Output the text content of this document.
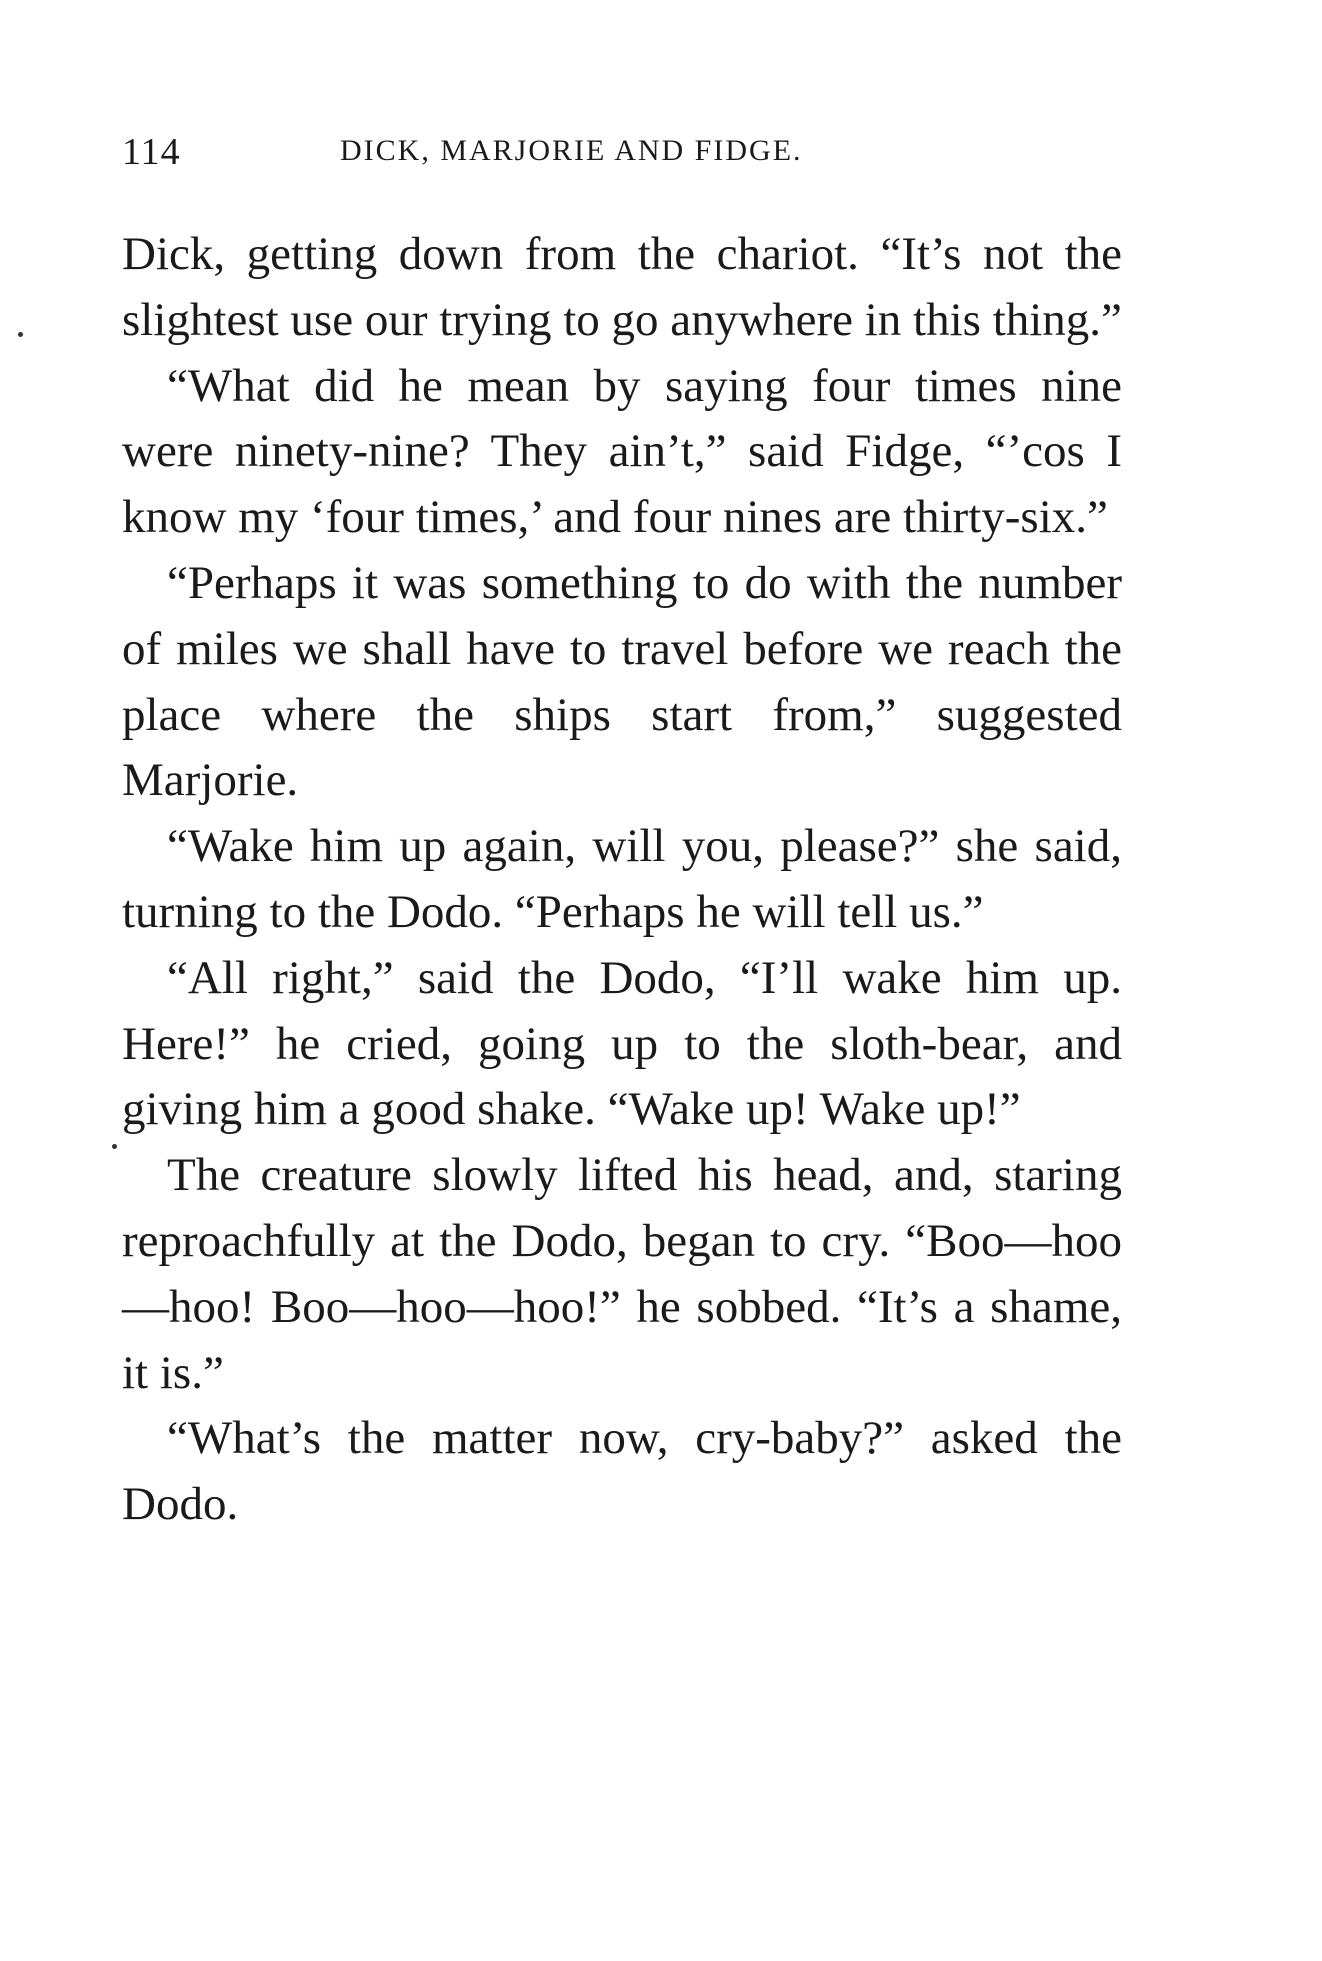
114	DICK, MARJORIE AND FIDGE.

Dick, getting down from the chariot. “It’s not the slightest use our trying to go anywhere in this thing.”

“What did he mean by saying four times nine were ninety-nine? They ain’t,” said Fidge, “’cos I know my ‘four times,’ and four nines are thirty-six.”

“Perhaps it was something to do with the number of miles we shall have to travel before we reach the place where the ships start from,” suggested Marjorie.

“Wake him up again, will you, please?” she said, turning to the Dodo. “Perhaps he will tell us.”

“All right,” said the Dodo, “I’ll wake him up. Here!” he cried, going up to the sloth-bear, and giving him a good shake. “Wake up! Wake up!”

The creature slowly lifted his head, and, staring reproachfully at the Dodo, began to cry. “Boo—hoo—hoo! Boo—hoo—hoo!” he sobbed. “It’s a shame, it is.”

“What’s the matter now, cry-baby?” asked the Dodo.
